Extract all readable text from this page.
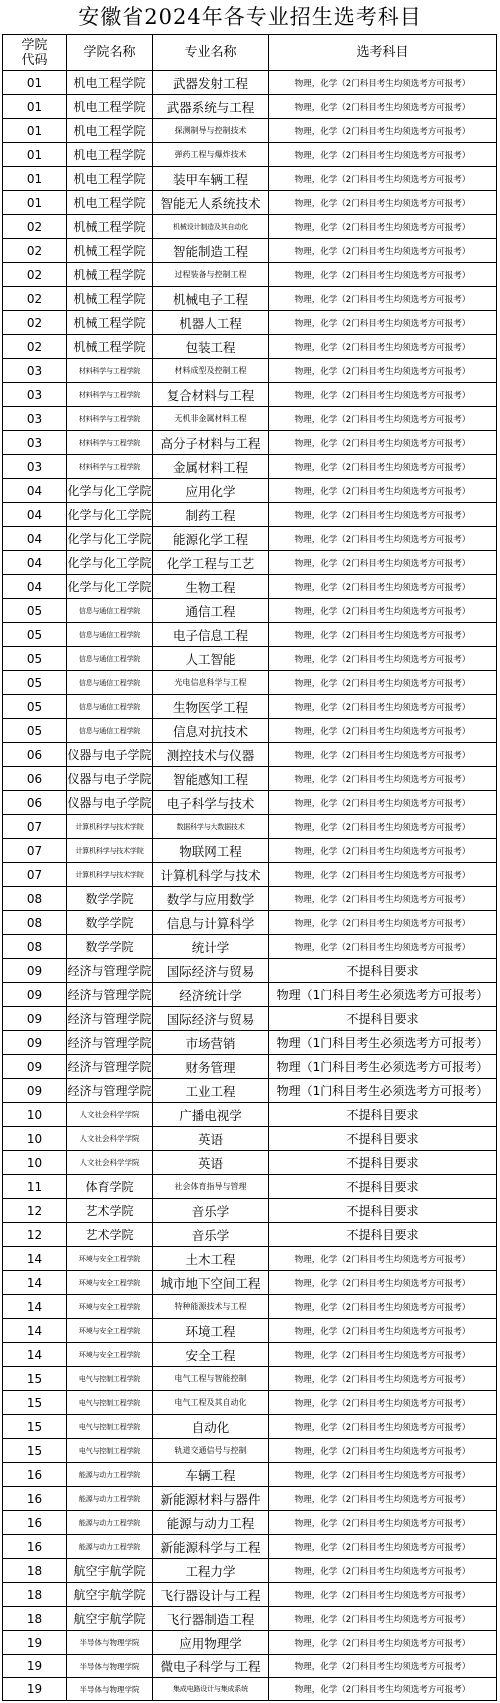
安徽省2024年各专业招生选考科目
学院代码	学院名称	专业名称	选考科目
01	机电工程学院	武器发射工程	物理，化学（2门科目考生均须选考方可报考）
01	机电工程学院	武器系统与工程	物理，化学（2门科目考生均须选考方可报考）
01	机电工程学院	探测制导与控制技术	物理，化学（2门科目考生均须选考方可报考）
01	机电工程学院	弹药工程与爆炸技术	物理，化学（2门科目考生均须选考方可报考）
01	机电工程学院	装甲车辆工程	物理，化学（2门科目考生均须选考方可报考）
01	机电工程学院	智能无人系统技术	物理，化学（2门科目考生均须选考方可报考）
02	机械工程学院	机械设计制造及其自动化	物理，化学（2门科目考生均须选考方可报考）
02	机械工程学院	智能制造工程	物理，化学（2门科目考生均须选考方可报考）
02	机械工程学院	过程装备与控制工程	物理，化学（2门科目考生均须选考方可报考）
02	机械工程学院	机械电子工程	物理，化学（2门科目考生均须选考方可报考）
02	机械工程学院	机器人工程	物理，化学（2门科目考生均须选考方可报考）
02	机械工程学院	包装工程	物理，化学（2门科目考生均须选考方可报考）
03	材料科学与工程学院	材料成型及控制工程	物理，化学（2门科目考生均须选考方可报考）
03	材料科学与工程学院	复合材料与工程	物理，化学（2门科目考生均须选考方可报考）
03	材料科学与工程学院	无机非金属材料工程	物理，化学（2门科目考生均须选考方可报考）
03	材料科学与工程学院	高分子材料与工程	物理，化学（2门科目考生均须选考方可报考）
03	材料科学与工程学院	金属材料工程	物理，化学（2门科目考生均须选考方可报考）
04	化学与化工学院	应用化学	物理，化学（2门科目考生均须选考方可报考）
04	化学与化工学院	制药工程	物理，化学（2门科目考生均须选考方可报考）
04	化学与化工学院	能源化学工程	物理，化学（2门科目考生均须选考方可报考）
04	化学与化工学院	化学工程与工艺	物理，化学（2门科目考生均须选考方可报考）
04	化学与化工学院	生物工程	物理，化学（2门科目考生均须选考方可报考）
05	信息与通信工程学院	通信工程	物理，化学（2门科目考生均须选考方可报考）
05	信息与通信工程学院	电子信息工程	物理，化学（2门科目考生均须选考方可报考）
05	信息与通信工程学院	人工智能	物理，化学（2门科目考生均须选考方可报考）
05	信息与通信工程学院	光电信息科学与工程	物理，化学（2门科目考生均须选考方可报考）
05	信息与通信工程学院	生物医学工程	物理，化学（2门科目考生均须选考方可报考）
05	信息与通信工程学院	信息对抗技术	物理，化学（2门科目考生均须选考方可报考）
06	仪器与电子学院	测控技术与仪器	物理，化学（2门科目考生均须选考方可报考）
06	仪器与电子学院	智能感知工程	物理，化学（2门科目考生均须选考方可报考）
06	仪器与电子学院	电子科学与技术	物理，化学（2门科目考生均须选考方可报考）
07	计算机科学与技术学院	数据科学与大数据技术	物理，化学（2门科目考生均须选考方可报考）
07	计算机科学与技术学院	物联网工程	物理，化学（2门科目考生均须选考方可报考）
07	计算机科学与技术学院	计算机科学与技术	物理，化学（2门科目考生均须选考方可报考）
08	数学学院	数学与应用数学	物理，化学（2门科目考生均须选考方可报考）
08	数学学院	信息与计算科学	物理，化学（2门科目考生均须选考方可报考）
08	数学学院	统计学	物理，化学（2门科目考生均须选考方可报考）
09	经济与管理学院	国际经济与贸易	不提科目要求
09	经济与管理学院	经济统计学	物理（1门科目考生必须选考方可报考）
09	经济与管理学院	国际经济与贸易	不提科目要求
09	经济与管理学院	市场营销	物理（1门科目考生必须选考方可报考）
09	经济与管理学院	财务管理	物理（1门科目考生必须选考方可报考）
09	经济与管理学院	工业工程	物理（1门科目考生必须选考方可报考）
10	人文社会科学学院	广播电视学	不提科目要求
10	人文社会科学学院	英语	不提科目要求
10	人文社会科学学院	英语	不提科目要求
11	体育学院	社会体育指导与管理	不提科目要求
12	艺术学院	音乐学	不提科目要求
12	艺术学院	音乐学	不提科目要求
14	环境与安全工程学院	土木工程	物理，化学（2门科目考生均须选考方可报考）
14	环境与安全工程学院	城市地下空间工程	物理，化学（2门科目考生均须选考方可报考）
14	环境与安全工程学院	特种能源技术与工程	物理，化学（2门科目考生均须选考方可报考）
14	环境与安全工程学院	环境工程	物理，化学（2门科目考生均须选考方可报考）
14	环境与安全工程学院	安全工程	物理，化学（2门科目考生均须选考方可报考）
15	电气与控制工程学院	电气工程与智能控制	物理，化学（2门科目考生均须选考方可报考）
15	电气与控制工程学院	电气工程及其自动化	物理，化学（2门科目考生均须选考方可报考）
15	电气与控制工程学院	自动化	物理，化学（2门科目考生均须选考方可报考）
15	电气与控制工程学院	轨道交通信号与控制	物理，化学（2门科目考生均须选考方可报考）
16	能源与动力工程学院	车辆工程	物理，化学（2门科目考生均须选考方可报考）
16	能源与动力工程学院	新能源材料与器件	物理，化学（2门科目考生均须选考方可报考）
16	能源与动力工程学院	能源与动力工程	物理，化学（2门科目考生均须选考方可报考）
16	能源与动力工程学院	新能源科学与工程	物理，化学（2门科目考生均须选考方可报考）
18	航空宇航学院	工程力学	物理，化学（2门科目考生均须选考方可报考）
18	航空宇航学院	飞行器设计与工程	物理，化学（2门科目考生均须选考方可报考）
18	航空宇航学院	飞行器制造工程	物理，化学（2门科目考生均须选考方可报考）
19	半导体与物理学院	应用物理学	物理，化学（2门科目考生均须选考方可报考）
19	半导体与物理学院	微电子科学与工程	物理，化学（2门科目考生均须选考方可报考）
19	半导体与物理学院	集成电路设计与集成系统	物理，化学（2门科目考生均须选考方可报考）
